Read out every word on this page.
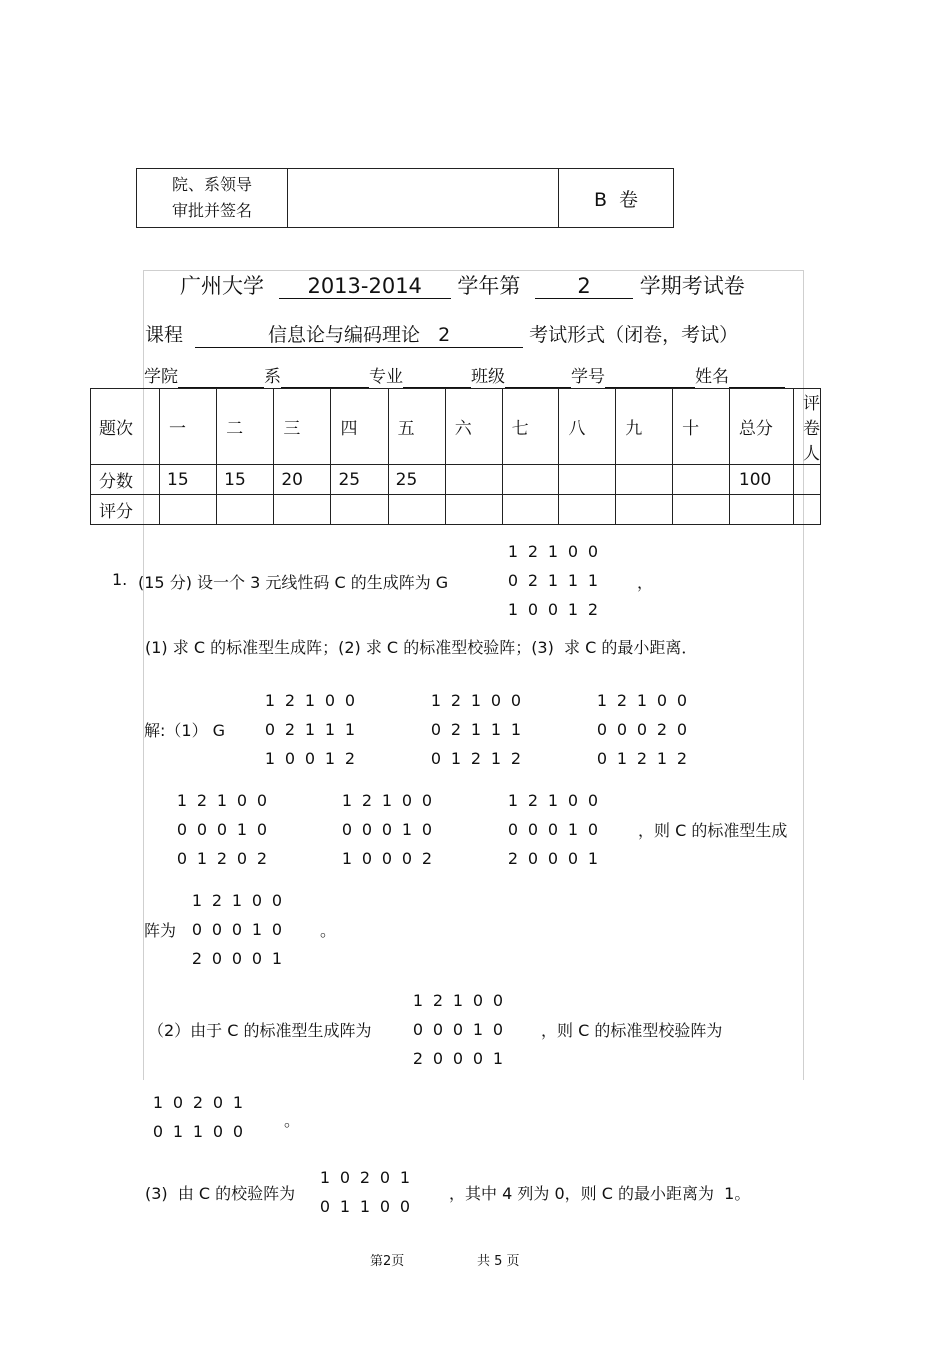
院、系领导
审批并签名		B  卷
广州大学 2013-2014 学年第	2 学期考试卷
课程	信息论与编码理论   2	考试形式（闭卷，考试）
学院	系	专业	班级	学号	姓名
题次	一	二	三	四	五	六	七	八	九	十	总分	评卷人
分数	15	15	20	25	25						100	
评分												
1. (15 分) 设一个 3 元线性码 C 的生成阵为 G
1 2 1 0 0
0 2 1 1 1
1 0 0 1 2
，
(1) 求 C 的标准型生成阵；(2) 求 C 的标准型校验阵；(3)  求 C 的最小距离．
解:（1） G
1 2 1 0 0
0 2 1 1 1
1 0 0 1 2
1 2 1 0 0
0 2 1 1 1
0 1 2 1 2
1 2 1 0 0
0 0 0 2 0
0 1 2 1 2
1 2 1 0 0
0 0 0 1 0
0 1 2 0 2
1 2 1 0 0
0 0 0 1 0
1 0 0 0 2
1 2 1 0 0
0 0 0 1 0
2 0 0 0 1
，则 C 的标准型生成
阵为
1 2 1 0 0
0 0 0 1 0
2 0 0 0 1
。
（2）由于 C 的标准型生成阵为
1 2 1 0 0
0 0 0 1 0
2 0 0 0 1
，则 C 的标准型校验阵为
1 0 2 0 1
0 1 1 0 0
。
(3)  由 C 的校验阵为
1 0 2 0 1
0 1 1 0 0
，其中 4 列为 0，则 C 的最小距离为  1。
第2页	共 5 页
